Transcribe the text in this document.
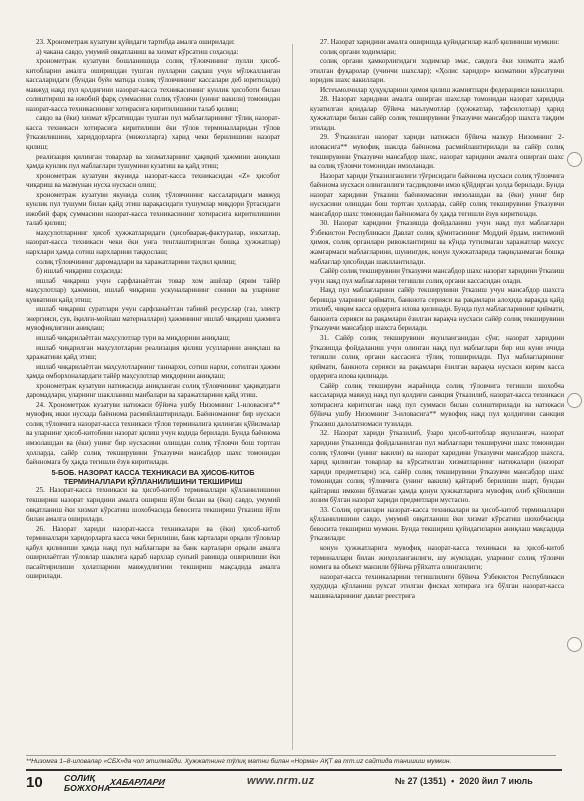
23. Хронометраж кузатуви қуйидаги тартибда амалга оширилади:

а) чакана савдо, умумий овқатланиш ва хизмат кўрсатиш соҳасида:

хронометраж кузатуви бошланишида солиқ тўловчининг пулли ҳисоб-китобларни амалга оширишдан тушган пулларни сақлаш учун мўлжалланган кассаларидаги (бундан буён матнда солиқ тўловчининг кассалари деб юритилади) мавжуд нақд пул қолдиғини назорат-касса техникасининг кунлик ҳисоботи билан солиштириш ва ижобий фарқ суммасини солиқ тўловчи (унинг вакили) томонидан назорат-касса техникасининг хотирасига киритилишини талаб қилиш;

савдо ва (ёки) хизмат кўрсатишдан тушган пул маблағларининг тўлиқ назорат-касса техникаси хотирасига киритилиши ёки тўлов терминалларидан тўлов ўтказилишини, хариддорларга (мижозларга) харид чеки берилишини назорат қилиш;

реализация қилинган товарлар ва хизматларнинг ҳақиқий ҳажмини аниқлаш ҳамда кунлик пул маблағлари тушумини кузатиш ва қайд этиш;

хронометраж кузатуви якунида назорат-касса техникасидан «Z» ҳисобот чиқариш ва мазмунан нусха нусхаси олиш;

хронометраж кузатуви якунида солиқ тўловчининг кассаларидаги мавжуд кунлик пул тушуми билан қайд этиш варақасидаги тушумлар миқдори ўртасидаги ижобий фарқ суммасини назорат-касса техникасининг хотирасига киритилишини талаб қилиш;

маҳсулотларнинг ҳисоб ҳужжатларидаги (ҳисобварақ-фактуралар, юкхатлар, назорат-касса техникаси чеки ёки унга тенглаштирилган бошқа ҳужжатлар) нархлари ҳамда сотиш нархларини таққослаш;

солиқ тўловчининг даромадлари ва харажатларини таҳлил қилиш;

б) ишлаб чиқариш соҳасида:

ишлаб чиқариш учун сарфланаётган товар хом ашёлар (ярим тайёр маҳсулотлар) ҳажмини, ишлаб чиқариш ускуналарининг сонини ва уларнинг қувватини қайд этиш;

ишлаб чиқариш суратлари учун сарфланаётган табиий ресурслар (газ, электр энергияси, сув, ёқилғи-мойлаш материаллари) ҳажмининг ишлаб чиқариш ҳажмига мувофиқлигини аниқлаш;

ишлаб чиқарилаётган маҳсулотлар тури ва миқдорини аниқлаш;

ишлаб чиқарилган маҳсулотларни реализация қилиш усулларини аниқлаш ва ҳаражатини қайд этиш;

ишлаб чиқарилаётган маҳсулотларнинг таннархи, сотиш нархи, сотилган ҳажми ҳамда омборхоналардаги тайёр маҳсулотлар миқдорини аниқлаш;

хронометраж кузатуви натижасида аниқланган солиқ тўловчининг ҳақиқатдаги даромадлари, уларнинг шаклланиш манбалари ва харажатларини қайд этиш.

24. Хронометраж кузатуви натижаси бўйича ушбу Низомнинг 1-иловасига** мувофиқ икки нусхада баённома расмийлаштирилади. Баённоманинг бир нусхаси солиқ тўловчига назорат-касса техникаси тўлов терминалига қилинган қўйилмалар ва уларнинг ҳисоб-китобини назорат қилиш учун кодида берилади. Бунда баённома имзолашдан ва (ёки) унинг бир нусхасини олишдан солиқ тўловчи бош тортган ҳолларда, сайёр солиқ текширувини ўтказувчи мансабдор шахс томонидан баённомага бу ҳақда тегишли ёзув киритилади.

5-БОБ. НАЗОРАТ КАССА ТЕХНИКАСИ ВА ҲИСОБ-КИТОБ ТЕРМИНАЛЛАРИ ҚЎЛЛАНИЛИШИНИ ТЕКШИРИШ

25. Назорат-касса техникаси ва ҳисоб-китоб терминаллари қўлланилишини текшириш назорат харидини амалга ошириш йўли билан ва (ёки) савдо, умумий овқатланиш ёки хизмат кўрсатиш шохобчасида бевосита текшириш ўтказиш йўли билан амалга оширилади.

26. Назорат хариди назорат-касса техникалари ва (ёки) ҳисоб-китоб терминаллари харидорларга касса чеки берилиши, банк карталари орқали тўловлар қабул қилиниши ҳамда нақд пул маблағлари ва банк карталари орқали амалга оширилаётган тўловлар шаклига қараб нархлар сунъий равишда оширилиши ёки пасайтирилиши ҳолатларини мавжудлигини текшириш мақсадида амалга оширилади.

27. Назорат харидини амалга оширишда қуйидагилар жалб қилиниши мумкин:

солиқ органи ходимлари;

солиқ органи ҳамкорлигидаги ходимлар эмас, савдога ёки хизматга жалб этилган фуқаролар (учинчи шахслар); «Ҳолис харидор» кизматини кўрсатувчи юридик шахс вакиллари.

Истеъмолчилар ҳуқуқларини ҳимоя қилиш жамиятлари федерацияси вакиллари.

28. Назорат харидини амалга оширган шахслар томонидан назорат харидида кузатилган қоидалар бўйича маълумотлар (ҳужжатлар, тафсилотлар) ҳарид ҳужжатлари билан сайёр солиқ текширувини ўтказувчи мансабдор шахсга тақдим этилади.

29. Ўтказилган назорат хариди натижаси бўйича мазкур Низомнинг 2-иловасига** мувофиқ шаклда баённома расмийлаштирилади ва сайёр солиқ текширувини ўтказувчи мансабдор шахс, назорат харидини амалга оширган шахс ва солиқ тўловчи томонидан имзоланади.

Назорат хариди ўтказилганлиги тўғрисидаги баённома нусхаси солиқ тўловчига баённома нусхаси олинганлиги тасдиқловчи имзо қўйдирган ҳолда берилади. Бунда назорат харидини ўтказиш баённомасини имзолашдан ва (ёки) унинг бир нусхасини олишдан бош тортган ҳолларда, сайёр солиқ текширувини ўтказувчи мансабдор шахс томонидан баённомага бу ҳақда тегишли ёзув киритилади.

30. Назорат харидини ўтказишда фойдаланиш учун нақд пул маблағлари Ўзбекистон Республикаси Давлат солиқ қўмитасининг Моддий ёрдам, ижтимоий ҳимоя, солиқ органлари ривожлантириш ва кўнда тутилмаган харажатлар махсус жамғармаси маблағларини, шунингдек, конун ҳужжатларида тақиқланмаган бошқа маблағлар ҳисобидан шакллантилади.

Сайёр солиқ текширувини ўтказувчи мансабдор шахс назорат харидини ўтказиш учун нақд пул маблағларини тегишли солиқ органи кассасидан олади.

Нақд пул маблағларини сайёр текширувини ўтказиш учун мансабдор шахсга беришда уларнинг қиймати, банкнота серияси ва рақамлари алоҳида варақда қайд этилиб, чиқим касса ордерига илова қилинади. Бунда пул маблағларининг қиймати, банкнота серияси ва рақамлари ёзилган варақча нусхаси сайёр солиқ текширувини ўтказувчи мансабдор шахсга берилади.

31. Сайёр солиқ текширувини якунланганидан сўнг, назорат харидини ўтказишда фойдаланиш учун олинган нақд пул маблағлари бир иш куни ичида тегишли солиқ органи кассасига тўлиқ топширилади. Пул маблағларининг қиймати, банкнота серияси ва рақамлари ёзилган варақча нусхаси кирим касса ордерига илова қилинади.

Сайёр солиқ текшируви жараёнида солиқ тўловчига тегишли шохобча кассаларида мавжуд нақд пул қолдиғи санкция ўтказилиб, назорат-касса техникаси хотирасига киритилган нақд пул суммаси билан солиштирилади ва натижаси бўйича ушбу Низомнинг 3-иловасига** мувофиқ нақд пул қолдиғини санкция ўтказиш далолатномаси тузилади.

32. Назорат хариди ўтказилиб, ўзаро ҳисоб-китоблар якунлангач, назорат харидини ўтказишда фойдаланилган пул маблағлари текширувчи шахс томонидан солиқ тўловчи (унинг вакили) ва назорат харидини ўтказувчи мансабдор шахсга, харид қилинган товарлар ва кўрсатилган хизматларнинг натижалари (назорат хариди предметлари) эса, сайёр солиқ текширувини ўтказувчи мансабдор шахс томонидан солиқ тўловчига (унинг вакили) қайтариб берилиши шарт, бундан қайтариш имкони бўлмаган ҳамда қонун ҳужжатларига мувофиқ олиб қўйилиши лозим бўлган назорат хариди предметлари мустасно.

33. Солиқ органлари назорат-касса техникалари ва ҳисоб-китоб терминаллари қўлланилишини савдо, умумий овқатланиш ёки хизмат кўрсатиш шохобчасида бевосита текшириш мумкин. Бунда текшириш қуйидагиларни аниқлаш мақсадида ўтказилади:

конун ҳужжатларига мувофиқ назорат-касса техникаси ва ҳисоб-китоб терминаллари билан жиҳозланганлиги, шу жумладан, уларнинг солиқ тўловчи номига ва объект манзили бўйича рўйхатга олинганлиги;

назорат-касса техникаларини тегишлилиги бўйича Ўзбекистон Республикаси худудида қўлланиш рухсат этилган фискал хотираға эга бўлган назорат-касса машиналарининг давлат реестрига

**Низомга 1–8-иловалар «СБХ»да чоп этилмайди. Ҳужжатнинг тўлиқ матни билан «Норма» АҚТ ва nrm.uz сайтида танишиш мумкин.
10 СОЛИҚ
БОЖХОНА
ХАБАРЛАРИ	www.nrm.uz	№ 27 (1351) • 2020 йил 7 июль
